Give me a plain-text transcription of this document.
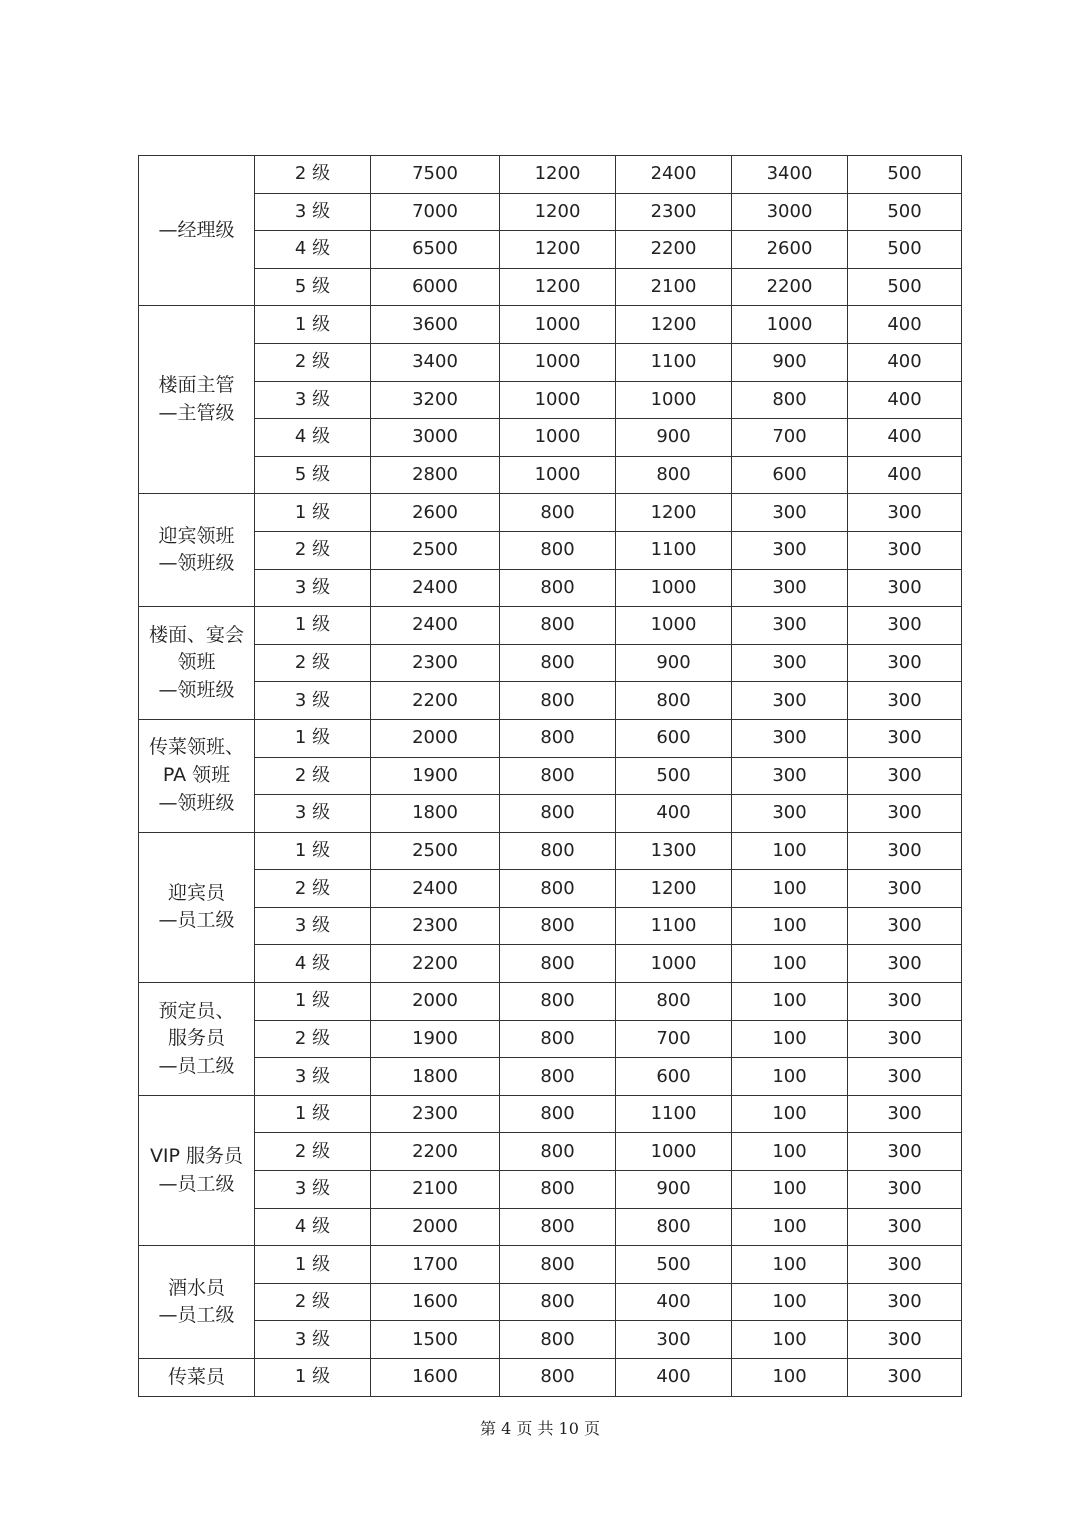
—经理级	2 级	7500	1200	2400	3400	500
	3 级	7000	1200	2300	3000	500
	4 级	6500	1200	2200	2600	500
	5 级	6000	1200	2100	2200	500
楼面主管
—主管级	1 级	3600	1000	1200	1000	400
	2 级	3400	1000	1100	900	400
	3 级	3200	1000	1000	800	400
	4 级	3000	1000	900	700	400
	5 级	2800	1000	800	600	400
迎宾领班
—领班级	1 级	2600	800	1200	300	300
	2 级	2500	800	1100	300	300
	3 级	2400	800	1000	300	300
楼面、宴会
领班
—领班级	1 级	2400	800	1000	300	300
	2 级	2300	800	900	300	300
	3 级	2200	800	800	300	300
传菜领班、
PA 领班
—领班级	1 级	2000	800	600	300	300
	2 级	1900	800	500	300	300
	3 级	1800	800	400	300	300
迎宾员
—员工级	1 级	2500	800	1300	100	300
	2 级	2400	800	1200	100	300
	3 级	2300	800	1100	100	300
	4 级	2200	800	1000	100	300
预定员、
服务员
—员工级	1 级	2000	800	800	100	300
	2 级	1900	800	700	100	300
	3 级	1800	800	600	100	300
VIP 服务员
—员工级	1 级	2300	800	1100	100	300
	2 级	2200	800	1000	100	300
	3 级	2100	800	900	100	300
	4 级	2000	800	800	100	300
酒水员
—员工级	1 级	1700	800	500	100	300
	2 级	1600	800	400	100	300
	3 级	1500	800	300	100	300
传菜员	1 级	1600	800	400	100	300
第 4 页 共 10 页
